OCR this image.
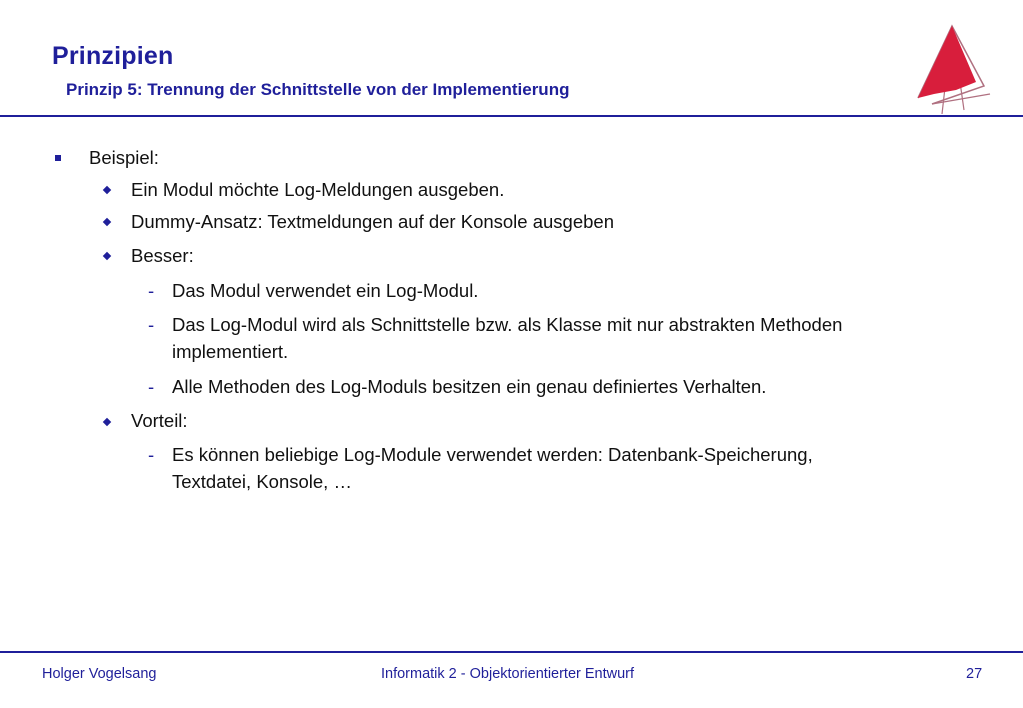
Prinzipien
Prinzip 5: Trennung der Schnittstelle von der Implementierung
Beispiel:
Ein Modul möchte Log-Meldungen ausgeben.
Dummy-Ansatz: Textmeldungen auf der Konsole ausgeben
Besser:
- Das Modul verwendet ein Log-Modul.
- Das Log-Modul wird als Schnittstelle bzw. als Klasse mit nur abstrakten Methoden
implementiert.
- Alle Methoden des Log-Moduls besitzen ein genau definiertes Verhalten.
Vorteil:
- Es können beliebige Log-Module verwendet werden: Datenbank-Speicherung,
Textdatei, Konsole, …
Holger Vogelsang	Informatik 2 - Objektorientierter Entwurf	27
